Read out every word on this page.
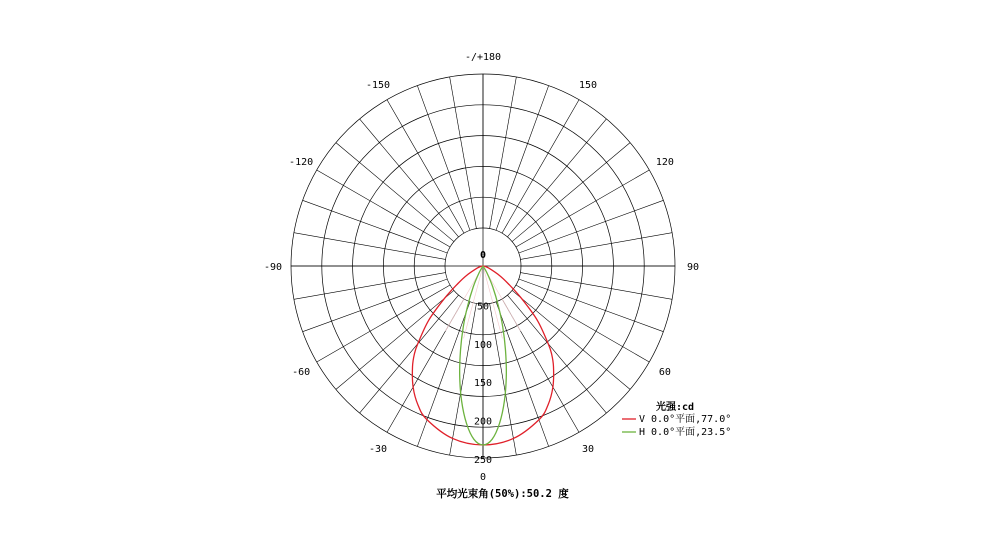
0
50
100
150
200
250
-/+180
150
120
90
60
30
0
-30
-60
-90
-120
-150
光强:cd
V 0.0°平面,77.0°
H 0.0°平面,23.5°
平均光束角(50%):50.2 度
